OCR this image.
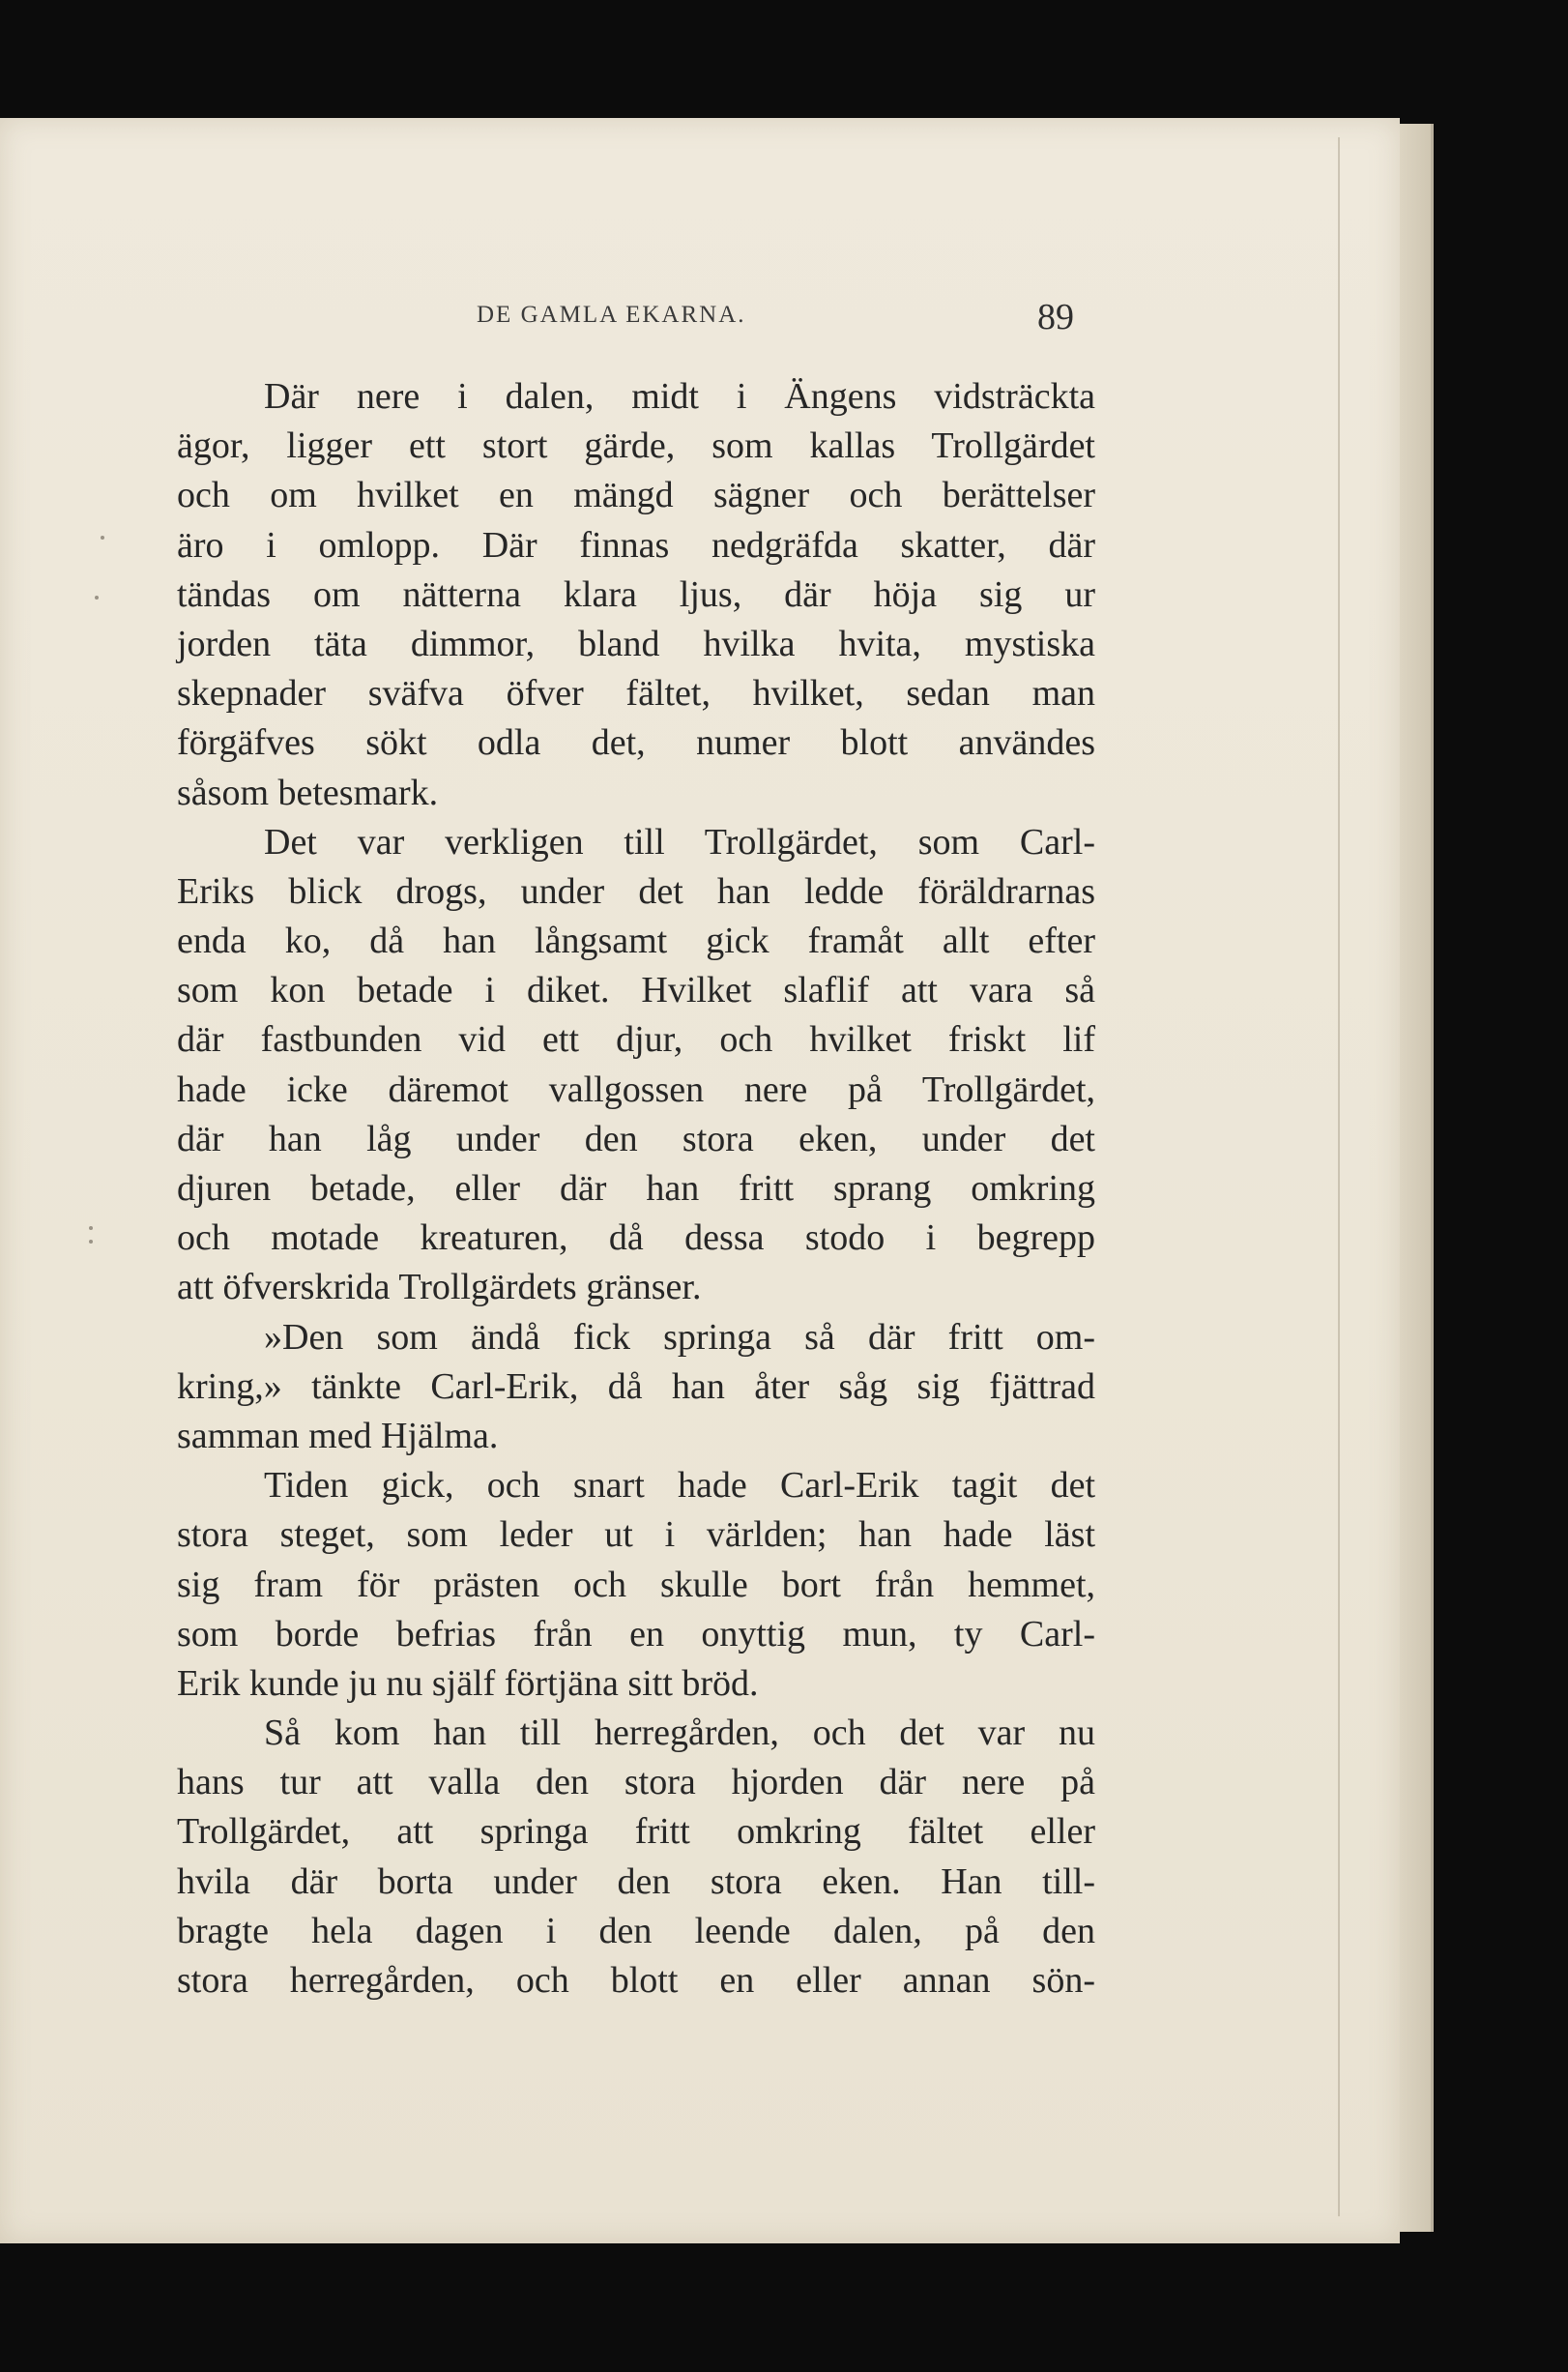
DE GAMLA EKARNA.	89
Där nere i dalen, midt i Ängens vidsträckta
ägor, ligger ett stort gärde, som kallas Trollgärdet
och om hvilket en mängd sägner och berättelser
äro i omlopp. Där finnas nedgräfda skatter, där
tändas om nätterna klara ljus, där höja sig ur
jorden täta dimmor, bland hvilka hvita, mystiska
skepnader sväfva öfver fältet, hvilket, sedan man
förgäfves sökt odla det, numer blott användes
såsom betesmark.
Det var verkligen till Trollgärdet, som Carl-
Eriks blick drogs, under det han ledde föräldrarnas
enda ko, då han långsamt gick framåt allt efter
som kon betade i diket. Hvilket slaflif att vara så
där fastbunden vid ett djur, och hvilket friskt lif
hade icke däremot vallgossen nere på Trollgärdet,
där han låg under den stora eken, under det
djuren betade, eller där han fritt sprang omkring
och motade kreaturen, då dessa stodo i begrepp
att öfverskrida Trollgärdets gränser.
»Den som ändå fick springa så där fritt om-
kring,» tänkte Carl-Erik, då han åter såg sig fjättrad
samman med Hjälma.
Tiden gick, och snart hade Carl-Erik tagit det
stora steget, som leder ut i världen; han hade läst
sig fram för prästen och skulle bort från hemmet,
som borde befrias från en onyttig mun, ty Carl-
Erik kunde ju nu själf förtjäna sitt bröd.
Så kom han till herregården, och det var nu
hans tur att valla den stora hjorden där nere på
Trollgärdet, att springa fritt omkring fältet eller
hvila där borta under den stora eken. Han till-
bragte hela dagen i den leende dalen, på den
stora herregården, och blott en eller annan sön-
